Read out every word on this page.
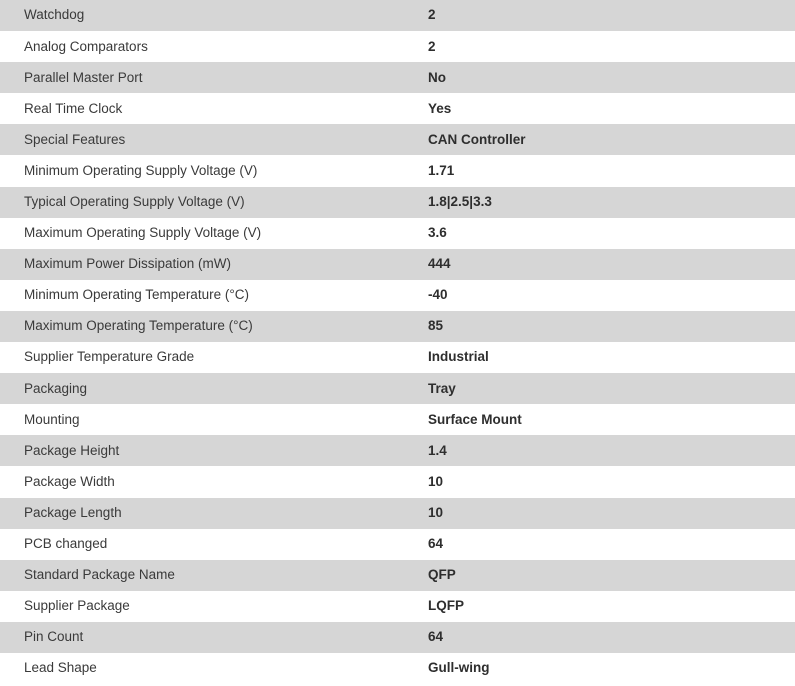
Watchdog	2
Analog Comparators	2
Parallel Master Port	No
Real Time Clock	Yes
Special Features	CAN Controller
Minimum Operating Supply Voltage (V)	1.71
Typical Operating Supply Voltage (V)	1.8|2.5|3.3
Maximum Operating Supply Voltage (V)	3.6
Maximum Power Dissipation (mW)	444
Minimum Operating Temperature (°C)	-40
Maximum Operating Temperature (°C)	85
Supplier Temperature Grade	Industrial
Packaging	Tray
Mounting	Surface Mount
Package Height	1.4
Package Width	10
Package Length	10
PCB changed	64
Standard Package Name	QFP
Supplier Package	LQFP
Pin Count	64
Lead Shape	Gull-wing
